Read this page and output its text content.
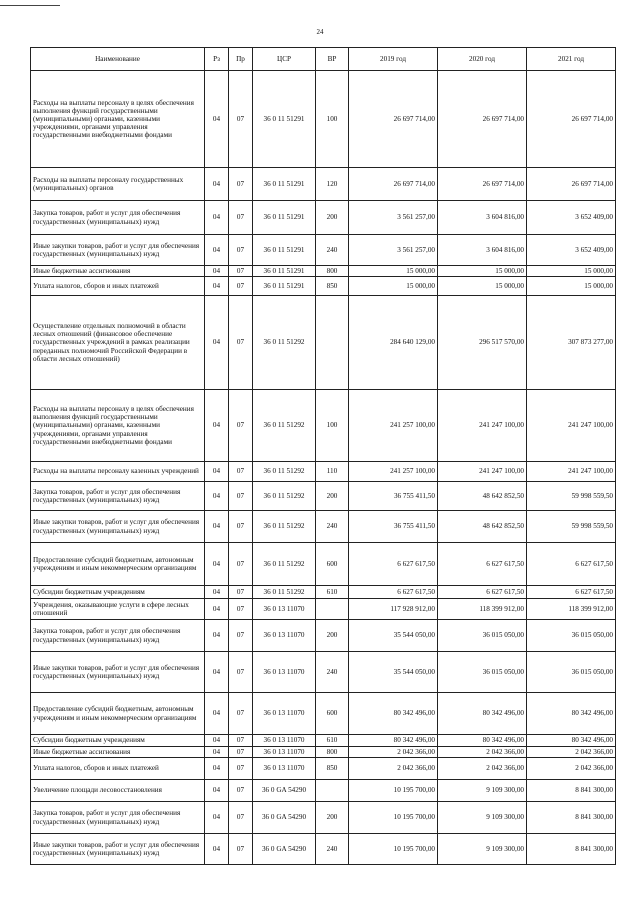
24
Наименование	Рз	Пр	ЦСР	ВР	2019 год	2020 год	2021 год
Расходы на выплаты персоналу в целях обеспечения выполнения функций государственными (муниципальными) органами, казенными учреждениями, органами управления государственными внебюджетными фондами	04	07	36 0 11 51291	100	26 697 714,00	26 697 714,00	26 697 714,00
Расходы на выплаты персоналу государственных (муниципальных) органов	04	07	36 0 11 51291	120	26 697 714,00	26 697 714,00	26 697 714,00
Закупка товаров, работ и услуг для обеспечения государственных (муниципальных) нужд	04	07	36 0 11 51291	200	3 561 257,00	3 604 816,00	3 652 409,00
Иные закупки товаров, работ и услуг для обеспечения государственных (муниципальных) нужд	04	07	36 0 11 51291	240	3 561 257,00	3 604 816,00	3 652 409,00
Иные бюджетные ассигнования	04	07	36 0 11 51291	800	15 000,00	15 000,00	15 000,00
Уплата налогов, сборов и иных платежей	04	07	36 0 11 51291	850	15 000,00	15 000,00	15 000,00
Осуществление отдельных полномочий в области лесных отношений (финансовое обеспечение государственных учреждений в рамках реализации переданных полномочий Российской Федерации в области лесных отношений)	04	07	36 0 11 51292		284 640 129,00	296 517 570,00	307 873 277,00
Расходы на выплаты персоналу в целях обеспечения выполнения функций государственными (муниципальными) органами, казенными учреждениями, органами управления государственными внебюджетными фондами	04	07	36 0 11 51292	100	241 257 100,00	241 247 100,00	241 247 100,00
Расходы на выплаты персоналу казенных учреждений	04	07	36 0 11 51292	110	241 257 100,00	241 247 100,00	241 247 100,00
Закупка товаров, работ и услуг для обеспечения государственных (муниципальных) нужд	04	07	36 0 11 51292	200	36 755 411,50	48 642 852,50	59 998 559,50
Иные закупки товаров, работ и услуг для обеспечения государственных (муниципальных) нужд	04	07	36 0 11 51292	240	36 755 411,50	48 642 852,50	59 998 559,50
Предоставление субсидий бюджетным, автономным учреждениям и иным некоммерческим организациям	04	07	36 0 11 51292	600	6 627 617,50	6 627 617,50	6 627 617,50
Субсидии бюджетным учреждениям	04	07	36 0 11 51292	610	6 627 617,50	6 627 617,50	6 627 617,50
Учреждения, оказывающие услуги в сфере лесных отношений	04	07	36 0 13 11070		117 928 912,00	118 399 912,00	118 399 912,00
Закупка товаров, работ и услуг для обеспечения государственных (муниципальных) нужд	04	07	36 0 13 11070	200	35 544 050,00	36 015 050,00	36 015 050,00
Иные закупки товаров, работ и услуг для обеспечения государственных (муниципальных) нужд	04	07	36 0 13 11070	240	35 544 050,00	36 015 050,00	36 015 050,00
Предоставление субсидий бюджетным, автономным учреждениям и иным некоммерческим организациям	04	07	36 0 13 11070	600	80 342 496,00	80 342 496,00	80 342 496,00
Субсидии бюджетным учреждениям	04	07	36 0 13 11070	610	80 342 496,00	80 342 496,00	80 342 496,00
Иные бюджетные ассигнования	04	07	36 0 13 11070	800	2 042 366,00	2 042 366,00	2 042 366,00
Уплата налогов, сборов и иных платежей	04	07	36 0 13 11070	850	2 042 366,00	2 042 366,00	2 042 366,00
Увеличение площади лесовосстановления	04	07	36 0 GA 54290		10 195 700,00	9 109 300,00	8 841 300,00
Закупка товаров, работ и услуг для обеспечения государственных (муниципальных) нужд	04	07	36 0 GA 54290	200	10 195 700,00	9 109 300,00	8 841 300,00
Иные закупки товаров, работ и услуг для обеспечения государственных (муниципальных) нужд	04	07	36 0 GA 54290	240	10 195 700,00	9 109 300,00	8 841 300,00
